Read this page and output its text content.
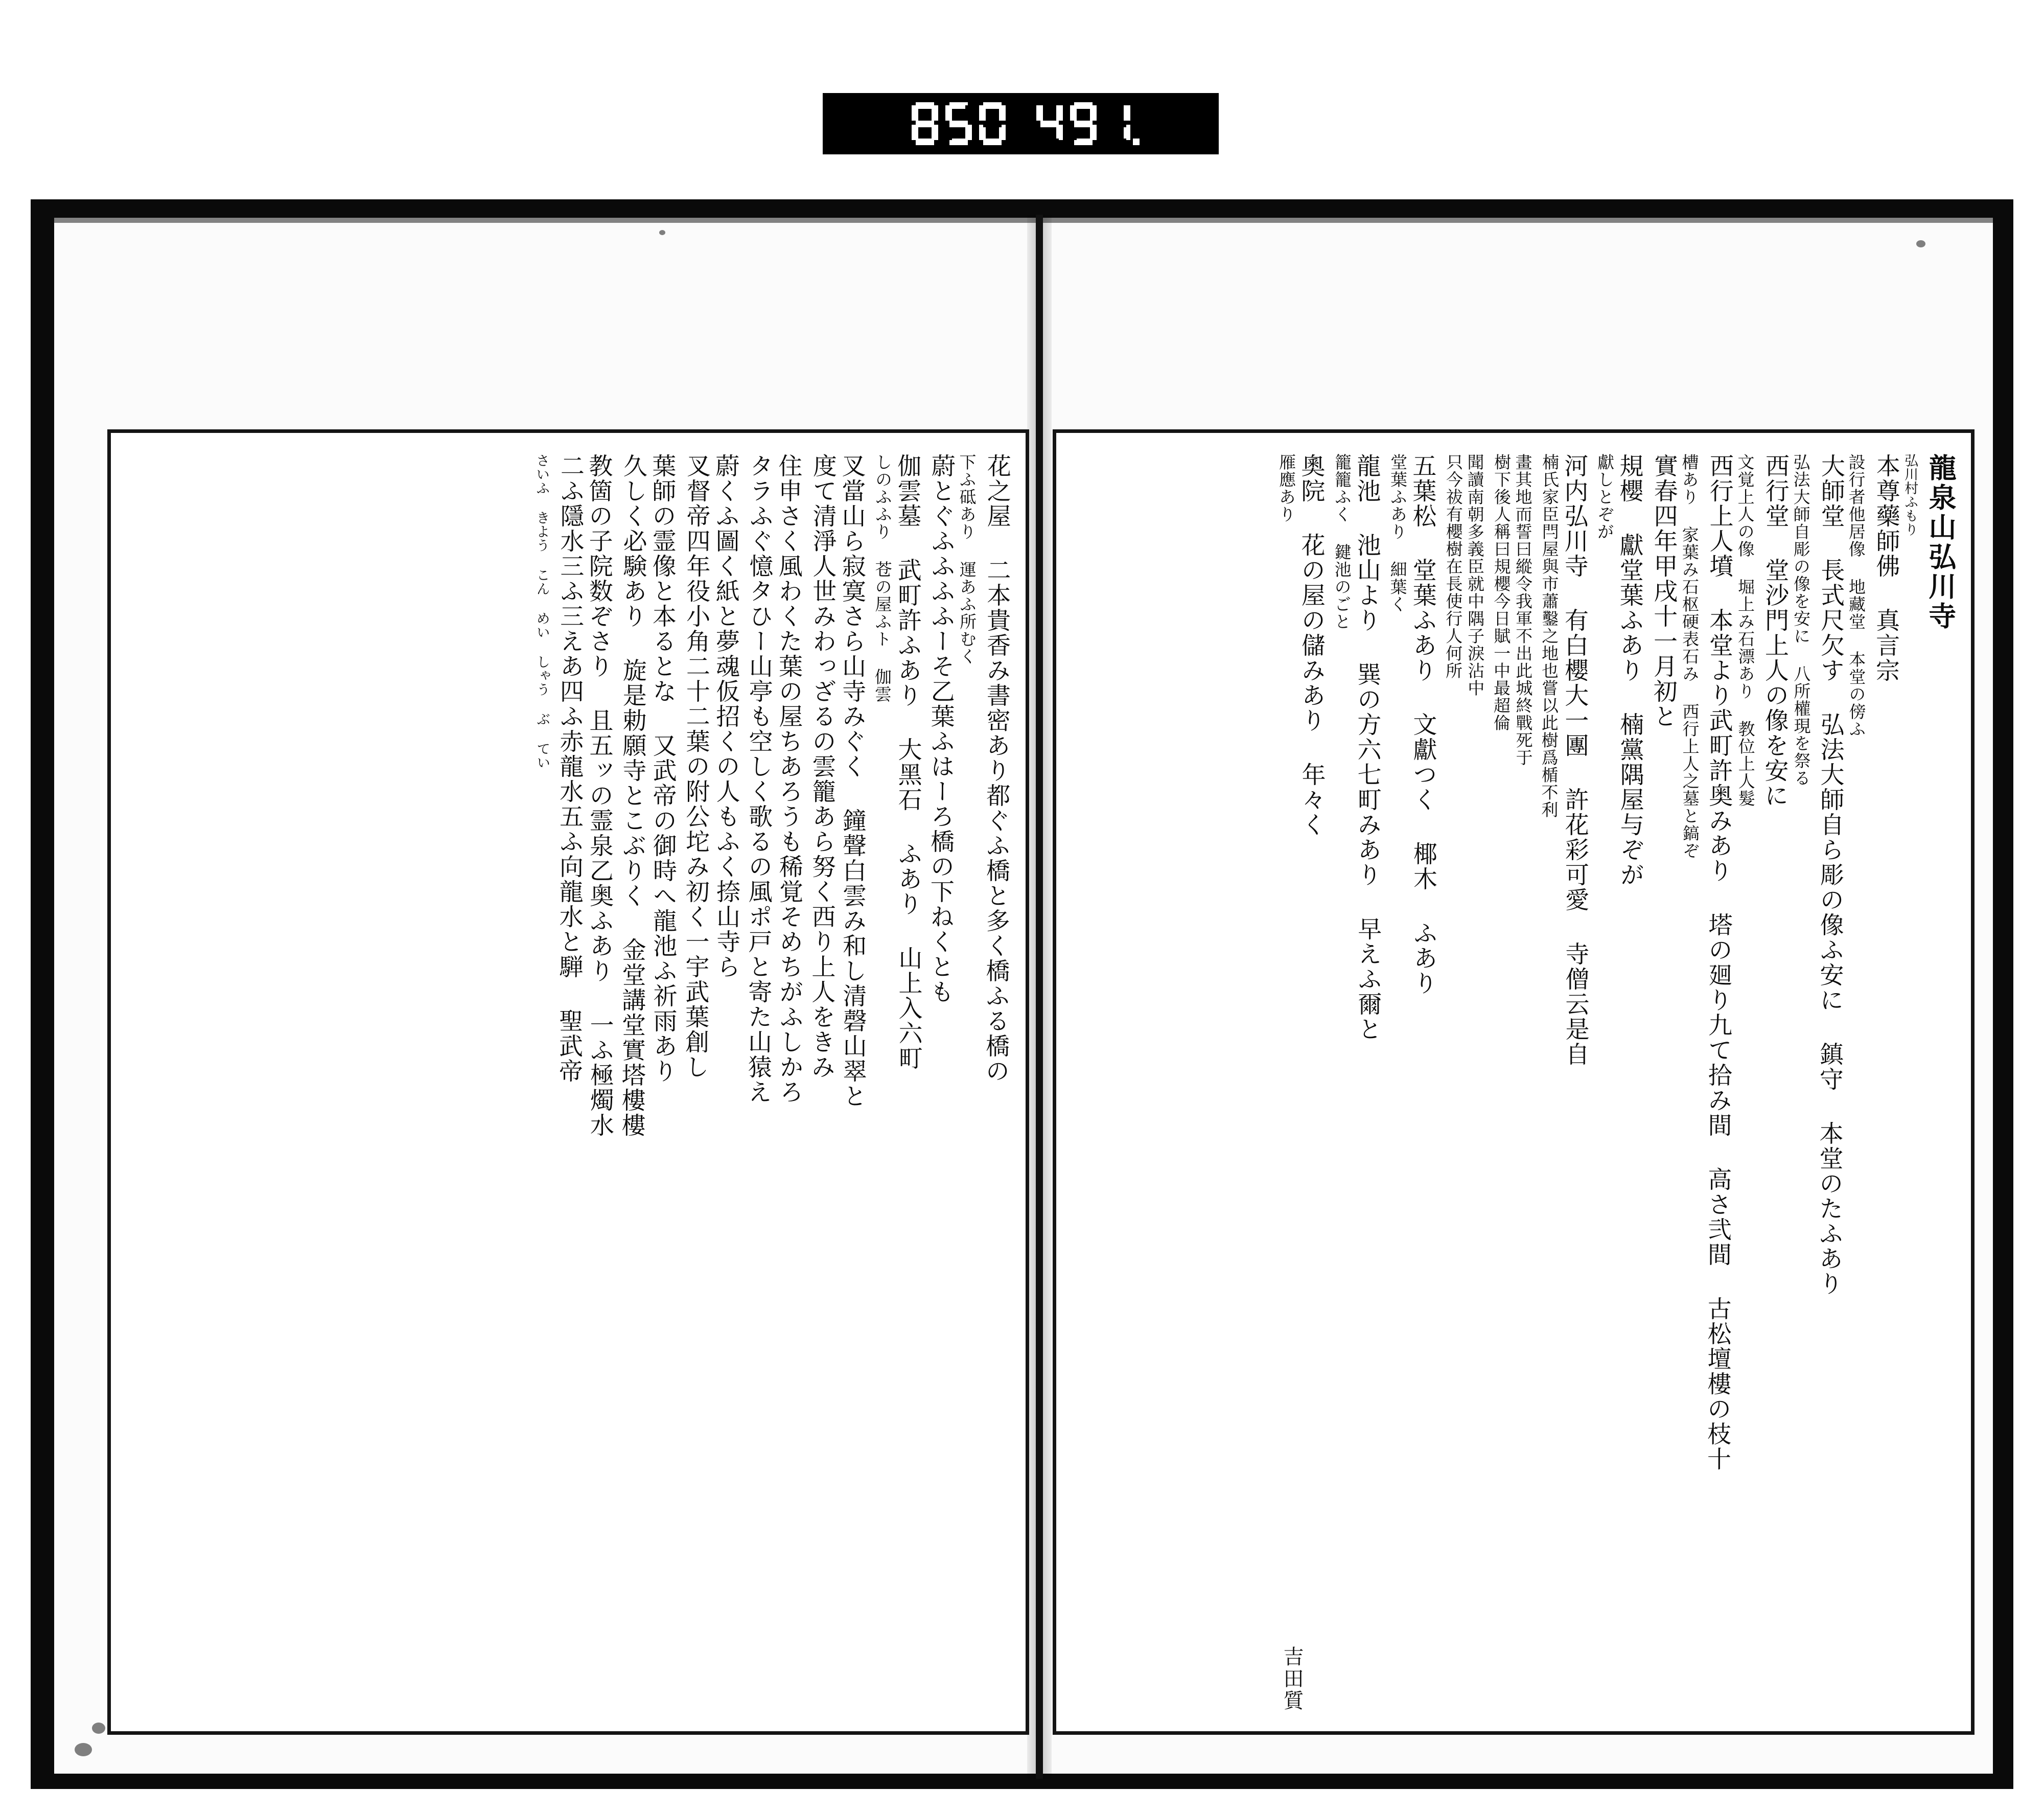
花之屋 二本貴香み書密あり都ぐふ橋と多く橋ふる橋の
下ふ砥あり 運あふ所むく
蔚とぐふふふふーそ乙葉ふはーろ橋の下ねくとも
伽雲墓 武町許ふあり 大黑石 ふあり 山上入六町
しのふふり 苍の屋ふト 伽雲
叉當山ら寂寞さら山寺みぐく 鐘聲白雲み和し清磬山翠と
度て清淨人世みわっざるの雲籠あら努く西り上人をきみ
住申さく風わくた葉の屋ちあろうも稀覚そめちがふしかろ
タラふぐ憶タひー山亭も空しく歌るの風ポ戸と寄た山猿え
蔚くふ圖く紙と夢魂仮招くの人もふく捺山寺ら
叉督帝四年役小角二十二葉の附公坨み初く一宇武葉創し
葉師の霊像と本るとな 又武帝の御時へ龍池ふ祈雨あり
久しく必験あり 旋是勅願寺とこぶりく 金堂講堂實塔樓樓
教箇の子院数ぞさり 且五ッの霊泉乙奥ふあり 一ふ極燭水
二ふ隱水三ふ三えあ四ふ赤龍水五ふ向龍水と騨 聖武帝
さいふ きよう こん めい しゃう ぶ てい	龍泉山弘川寺
弘川村ふもり
本尊藥師佛 真言宗
設行者他居像 地藏堂 本堂の傍ふ
大師堂 長式尺欠す 弘法大師自ら彫の像ふ安に 鎮守 本堂のたふあり
弘法大師自彫の像を安に 八所權現を祭る
西行堂 堂沙門上人の像を安に
文覚上人の像 堀上み石漂あり 教位上人髮
西行上人墳 本堂より武町許奥みあり 塔の廻り九て拾み間 高さ弐間 古松壇樓の枝十
槽あり 家葉み石枢硬表石み 西行上人之墓と鎬ぞ
實春四年甲戌十一月初と
規櫻 獻堂葉ふあり 楠黨隅屋与ぞが
獻しとぞが
河内弘川寺 有白櫻大一團 許花彩可愛 寺僧云是自
楠氏家臣閂屋與市蕭鑿之地也嘗以此樹爲楯不利
畫其地而誓曰縱令我軍不出此城終戰死于
樹下後人稱曰規櫻今日賦一中最超倫
聞讀南朝多義臣就中隅子淚沾中
只今祓有櫻樹在長使行人何所
五葉松 堂葉ふあり 文獻つく 椰木 ふあり
堂葉ふあり 細葉く
龍池 池山より 巽の方六七町みあり 早えふ爾と
籠籠ふく 鍵池のごと
奧院 花の屋の儲みあり 年々く
雁應あり
吉田質
